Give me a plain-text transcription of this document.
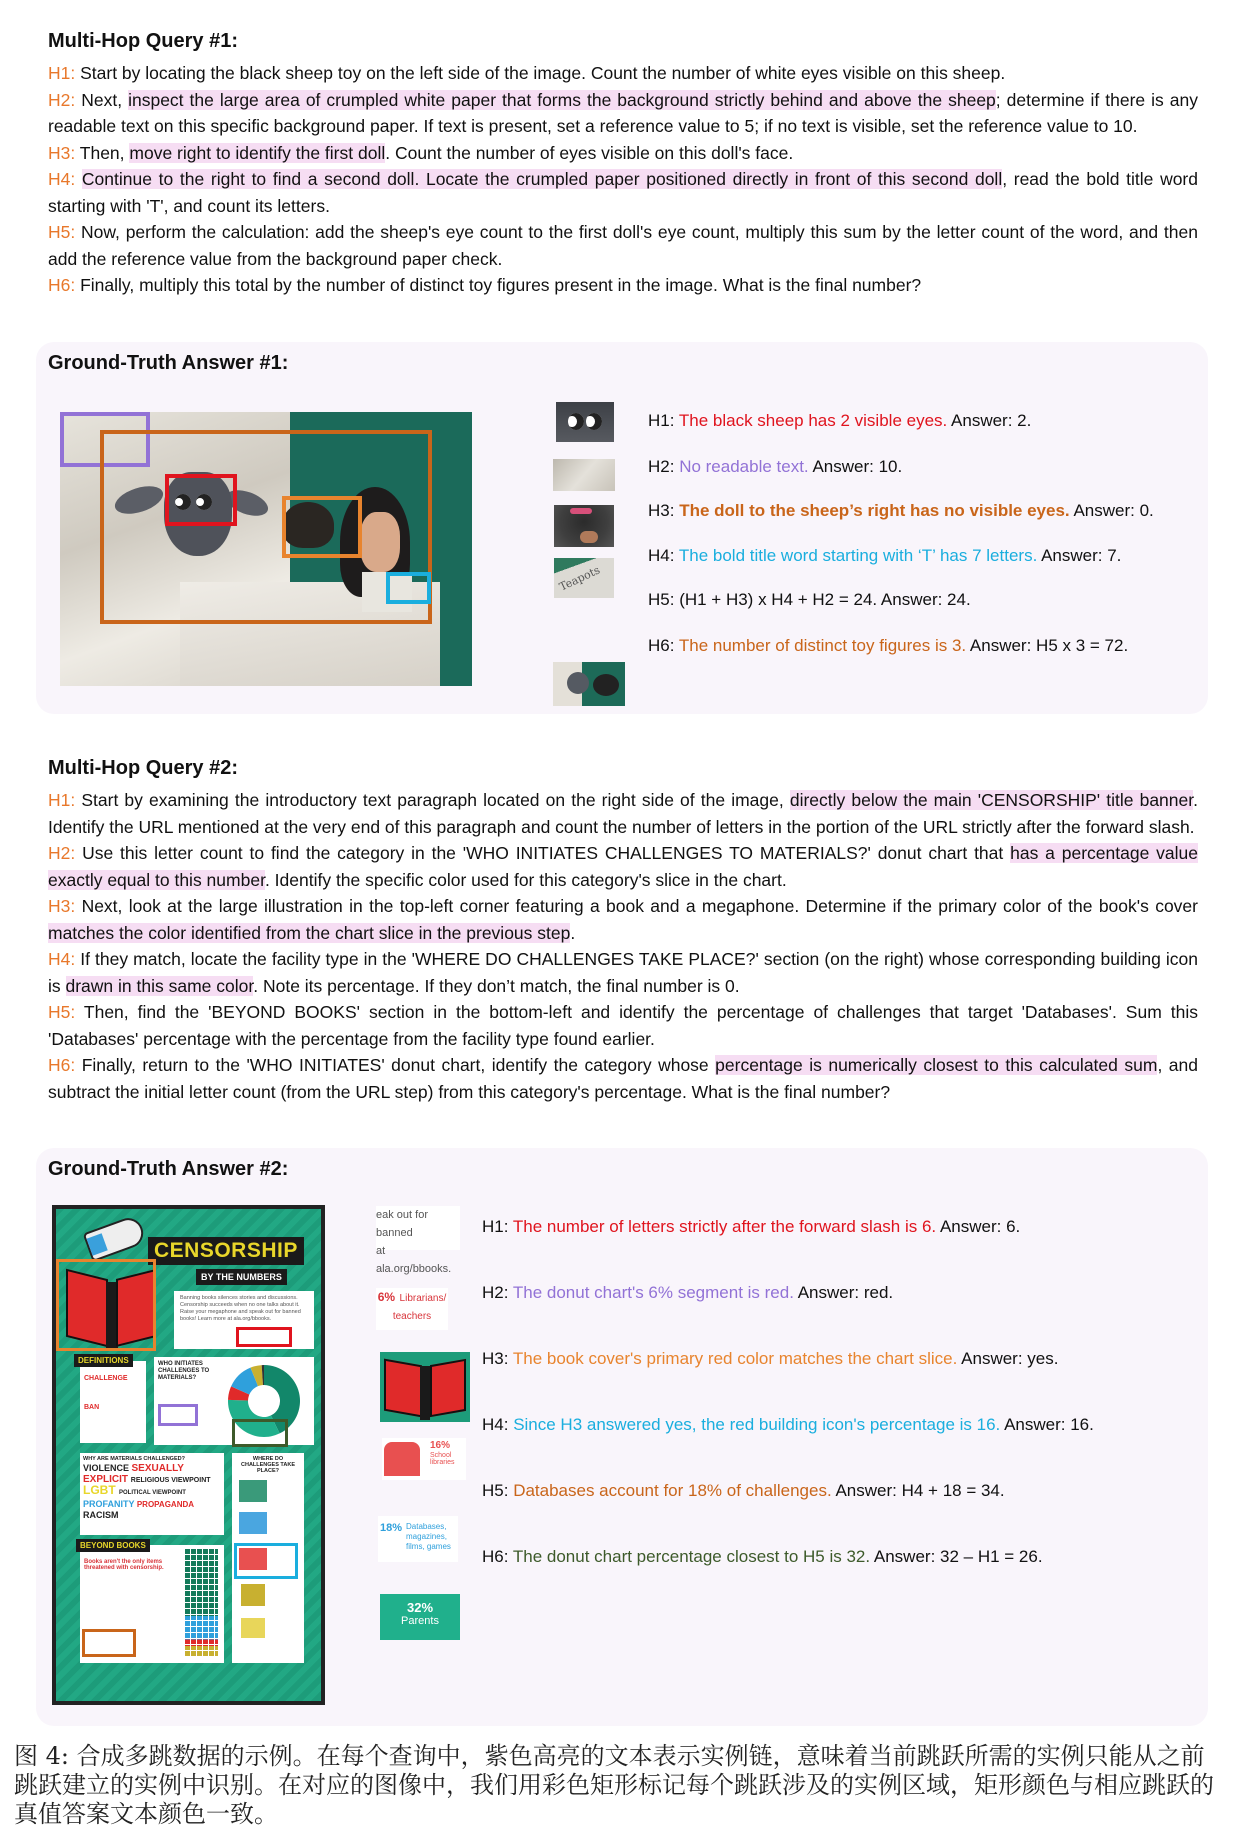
Multi-Hop Query #1:
H1: Start by locating the black sheep toy on the left side of the image. Count the number of white eyes visible on this sheep.
H2: Next, inspect the large area of crumpled white paper that forms the background strictly behind and above the sheep; determine if there is any readable text on this specific background paper. If text is present, set a reference value to 5; if no text is visible, set the reference value to 10.
H3: Then, move right to identify the first doll. Count the number of eyes visible on this doll's face.
H4: Continue to the right to find a second doll. Locate the crumpled paper positioned directly in front of this second doll, read the bold title word starting with 'T', and count its letters.
H5: Now, perform the calculation: add the sheep's eye count to the first doll's eye count, multiply this sum by the letter count of the word, and then add the reference value from the background paper check.
H6: Finally, multiply this total by the number of distinct toy figures present in the image. What is the final number?
Ground-Truth Answer #1:
Teapots
H1: The black sheep has 2 visible eyes. Answer: 2.
H2: No readable text. Answer: 10.
H3: The doll to the sheep’s right has no visible eyes. Answer: 0.
H4: The bold title word starting with ‘T’ has 7 letters. Answer: 7.
H5: (H1 + H3) x H4 + H2 = 24. Answer: 24.
H6: The number of distinct toy figures is 3. Answer: H5 x 3 = 72.
Multi-Hop Query #2:
H1: Start by examining the introductory text paragraph located on the right side of the image, directly below the main 'CENSORSHIP' title banner. Identify the URL mentioned at the very end of this paragraph and count the number of letters in the portion of the URL strictly after the forward slash.
H2: Use this letter count to find the category in the 'WHO INITIATES CHALLENGES TO MATERIALS?' donut chart that has a percentage value exactly equal to this number. Identify the specific color used for this category's slice in the chart.
H3: Next, look at the large illustration in the top-left corner featuring a book and a megaphone. Determine if the primary color of the book's cover matches the color identified from the chart slice in the previous step.
H4: If they match, locate the facility type in the 'WHERE DO CHALLENGES TAKE PLACE?' section (on the right) whose corresponding building icon is drawn in this same color. Note its percentage. If they don’t match, the final number is 0.
H5: Then, find the 'BEYOND BOOKS' section in the bottom-left and identify the percentage of challenges that target 'Databases'. Sum this 'Databases' percentage with the percentage from the facility type found earlier.
H6: Finally, return to the 'WHO INITIATES' donut chart, identify the category whose percentage is numerically closest to this calculated sum, and subtract the initial letter count (from the URL step) from this category's percentage. What is the final number?
Ground-Truth Answer #2:
H1: The number of letters strictly after the forward slash is 6. Answer: 6.
H2: The donut chart's 6% segment is red. Answer: red.
H3: The book cover's primary red color matches the chart slice. Answer: yes.
H4: Since H3 answered yes, the red building icon's percentage is 16. Answer: 16.
H5: Databases account for 18% of challenges. Answer: H4 + 18 = 34.
H6: The donut chart percentage closest to H5 is 32. Answer: 32 – H1 = 26.
eak out for banned
at ala.org/bbooks.
6% Librarians/ teachers
16%
School libraries
18% Databases, magazines, films, games
32%
Parents
CENSORSHIP
BY THE NUMBERS
Banning books silences stories and discussions. Censorship succeeds when no one talks about it. Raise your megaphone and speak out for banned books! Learn more at ala.org/bbooks.
CHALLENGE
BAN
DEFINITIONS	WHO INITIATES CHALLENGES TO MATERIALS?
WHY ARE MATERIALS CHALLENGED?
VIOLENCE SEXUALLY EXPLICIT RELIGIOUS VIEWPOINT LGBT POLITICAL VIEWPOINT PROFANITY PROPAGANDA RACISM
WHERE DO CHALLENGES TAKE PLACE?
Books aren't the only items threatened with censorship.
BEYOND BOOKS
图 4: 合成多跳数据的示例。在每个查询中，紫色高亮的文本表示实例链，意味着当前跳跃所需的实例只能从之前跳跃建立的实例中识别。在对应的图像中，我们用彩色矩形标记每个跳跃涉及的实例区域，矩形颜色与相应跳跃的真值答案文本颜色一致。
